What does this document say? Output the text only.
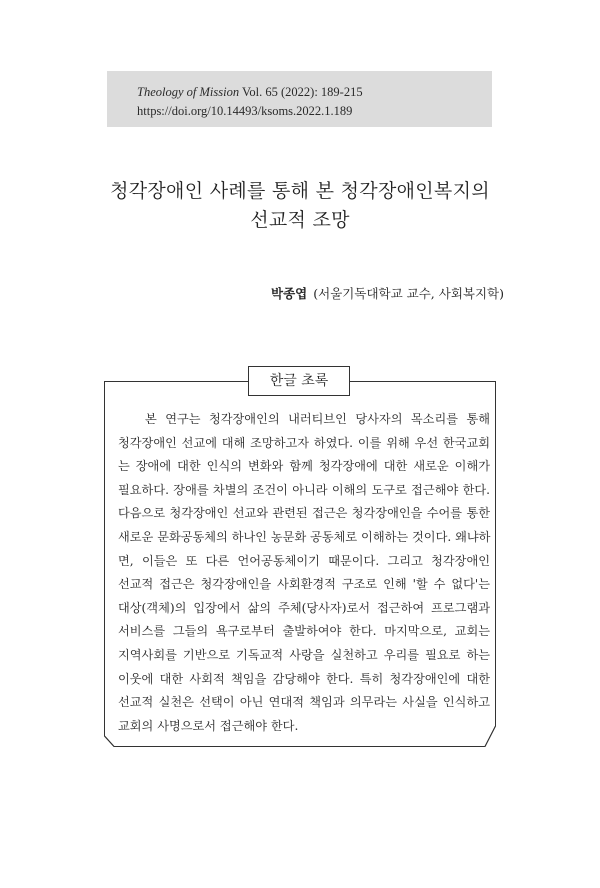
Theology of Mission Vol. 65 (2022): 189-215
https://doi.org/10.14493/ksoms.2022.1.189
청각장애인 사례를 통해 본 청각장애인복지의
선교적 조망
박종엽 (서울기독대학교 교수, 사회복지학)
한글 초록
본 연구는 청각장애인의 내러티브인 당사자의 목소리를 통해
청각장애인 선교에 대해 조망하고자 하였다. 이를 위해 우선 한국교회
는 장애에 대한 인식의 변화와 함께 청각장애에 대한 새로운 이해가
필요하다. 장애를 차별의 조건이 아니라 이해의 도구로 접근해야 한다.
다음으로 청각장애인 선교와 관련된 접근은 청각장애인을 수어를 통한
새로운 문화공동체의 하나인 농문화 공동체로 이해하는 것이다. 왜냐하
면, 이들은 또 다른 언어공동체이기 때문이다. 그리고 청각장애인
선교적 접근은 청각장애인을 사회환경적 구조로 인해 '할 수 없다'는
대상(객체)의 입장에서 삶의 주체(당사자)로서 접근하여 프로그램과
서비스를 그들의 욕구로부터 출발하여야 한다. 마지막으로, 교회는
지역사회를 기반으로 기독교적 사랑을 실천하고 우리를 필요로 하는
이웃에 대한 사회적 책임을 감당해야 한다. 특히 청각장애인에 대한
선교적 실천은 선택이 아닌 연대적 책임과 의무라는 사실을 인식하고
교회의 사명으로서 접근해야 한다.
